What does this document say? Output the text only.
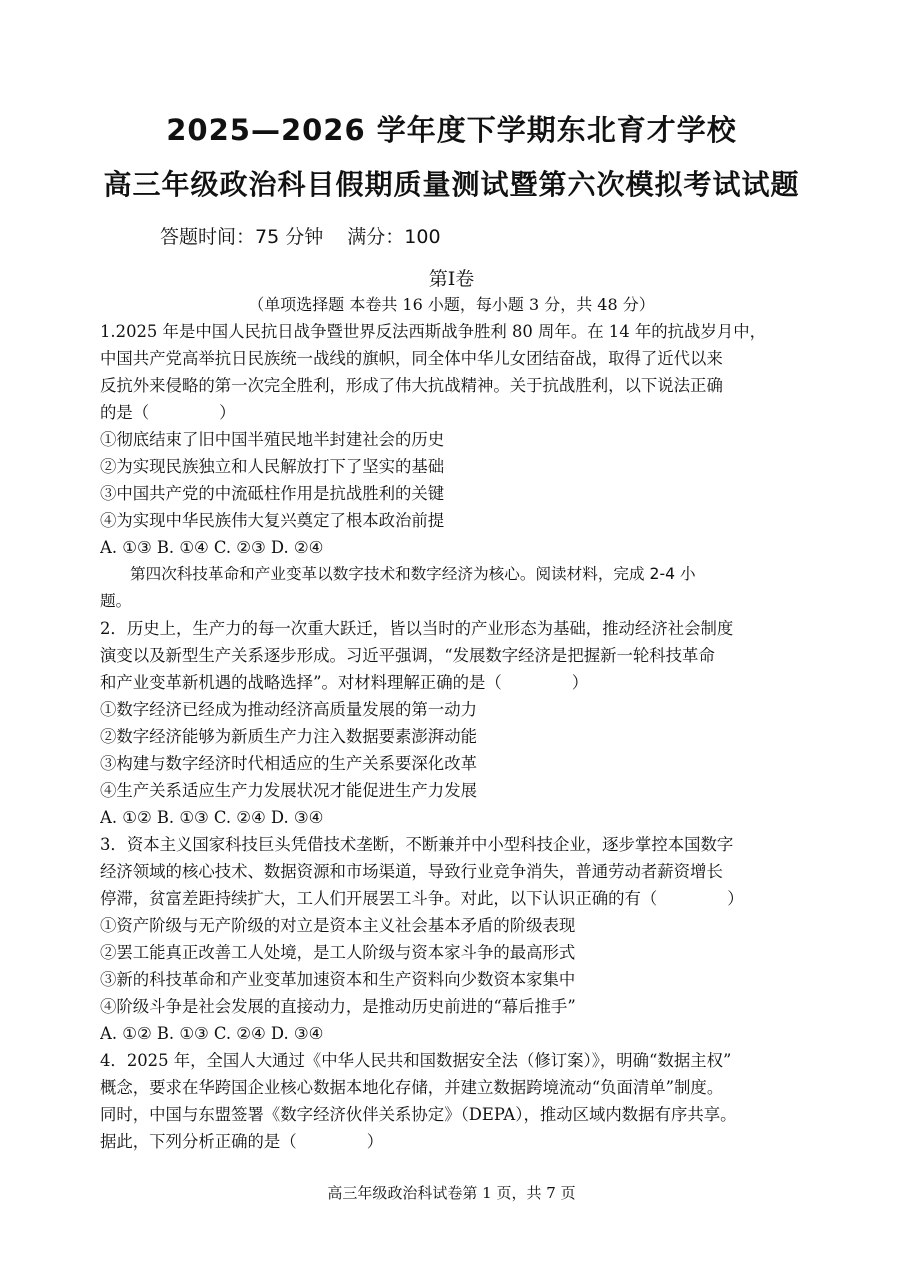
2025—2026 学年度下学期东北育才学校
高三年级政治科目假期质量测试暨第六次模拟考试试题
答题时间：75 分钟 满分：100
第Ⅰ卷
（单项选择题 本卷共 16 小题，每小题 3 分，共 48 分）
1.2025 年是中国人民抗日战争暨世界反法西斯战争胜利 80 周年。在 14 年的抗战岁月中，
中国共产党高举抗日民族统一战线的旗帜，同全体中华儿女团结奋战，取得了近代以来
反抗外来侵略的第一次完全胜利，形成了伟大抗战精神。关于抗战胜利，以下说法正确
的是（	）
①彻底结束了旧中国半殖民地半封建社会的历史
②为实现民族独立和人民解放打下了坚实的基础
③中国共产党的中流砥柱作用是抗战胜利的关键
④为实现中华民族伟大复兴奠定了根本政治前提
A. ①③ B. ①④ C. ②③ D. ②④
第四次科技革命和产业变革以数字技术和数字经济为核心。阅读材料，完成 2-4 小
题。
2．历史上，生产力的每一次重大跃迁，皆以当时的产业形态为基础，推动经济社会制度
演变以及新型生产关系逐步形成。习近平强调，“发展数字经济是把握新一轮科技革命
和产业变革新机遇的战略选择”。对材料理解正确的是（	）
①数字经济已经成为推动经济高质量发展的第一动力
②数字经济能够为新质生产力注入数据要素澎湃动能
③构建与数字经济时代相适应的生产关系要深化改革
④生产关系适应生产力发展状况才能促进生产力发展
A. ①② B. ①③ C. ②④ D. ③④
3．资本主义国家科技巨头凭借技术垄断，不断兼并中小型科技企业，逐步掌控本国数字
经济领域的核心技术、数据资源和市场渠道，导致行业竞争消失，普通劳动者薪资增长
停滞，贫富差距持续扩大，工人们开展罢工斗争。对此，以下认识正确的有（	）
①资产阶级与无产阶级的对立是资本主义社会基本矛盾的阶级表现
②罢工能真正改善工人处境，是工人阶级与资本家斗争的最高形式
③新的科技革命和产业变革加速资本和生产资料向少数资本家集中
④阶级斗争是社会发展的直接动力，是推动历史前进的“幕后推手”
A. ①② B. ①③ C. ②④ D. ③④
4．2025 年，全国人大通过《中华人民共和国数据安全法（修订案）》，明确“数据主权”
概念，要求在华跨国企业核心数据本地化存储，并建立数据跨境流动“负面清单”制度。
同时，中国与东盟签署《数字经济伙伴关系协定》（DEPA），推动区域内数据有序共享。
据此，下列分析正确的是（	）
高三年级政治科试卷第 1 页，共 7 页
